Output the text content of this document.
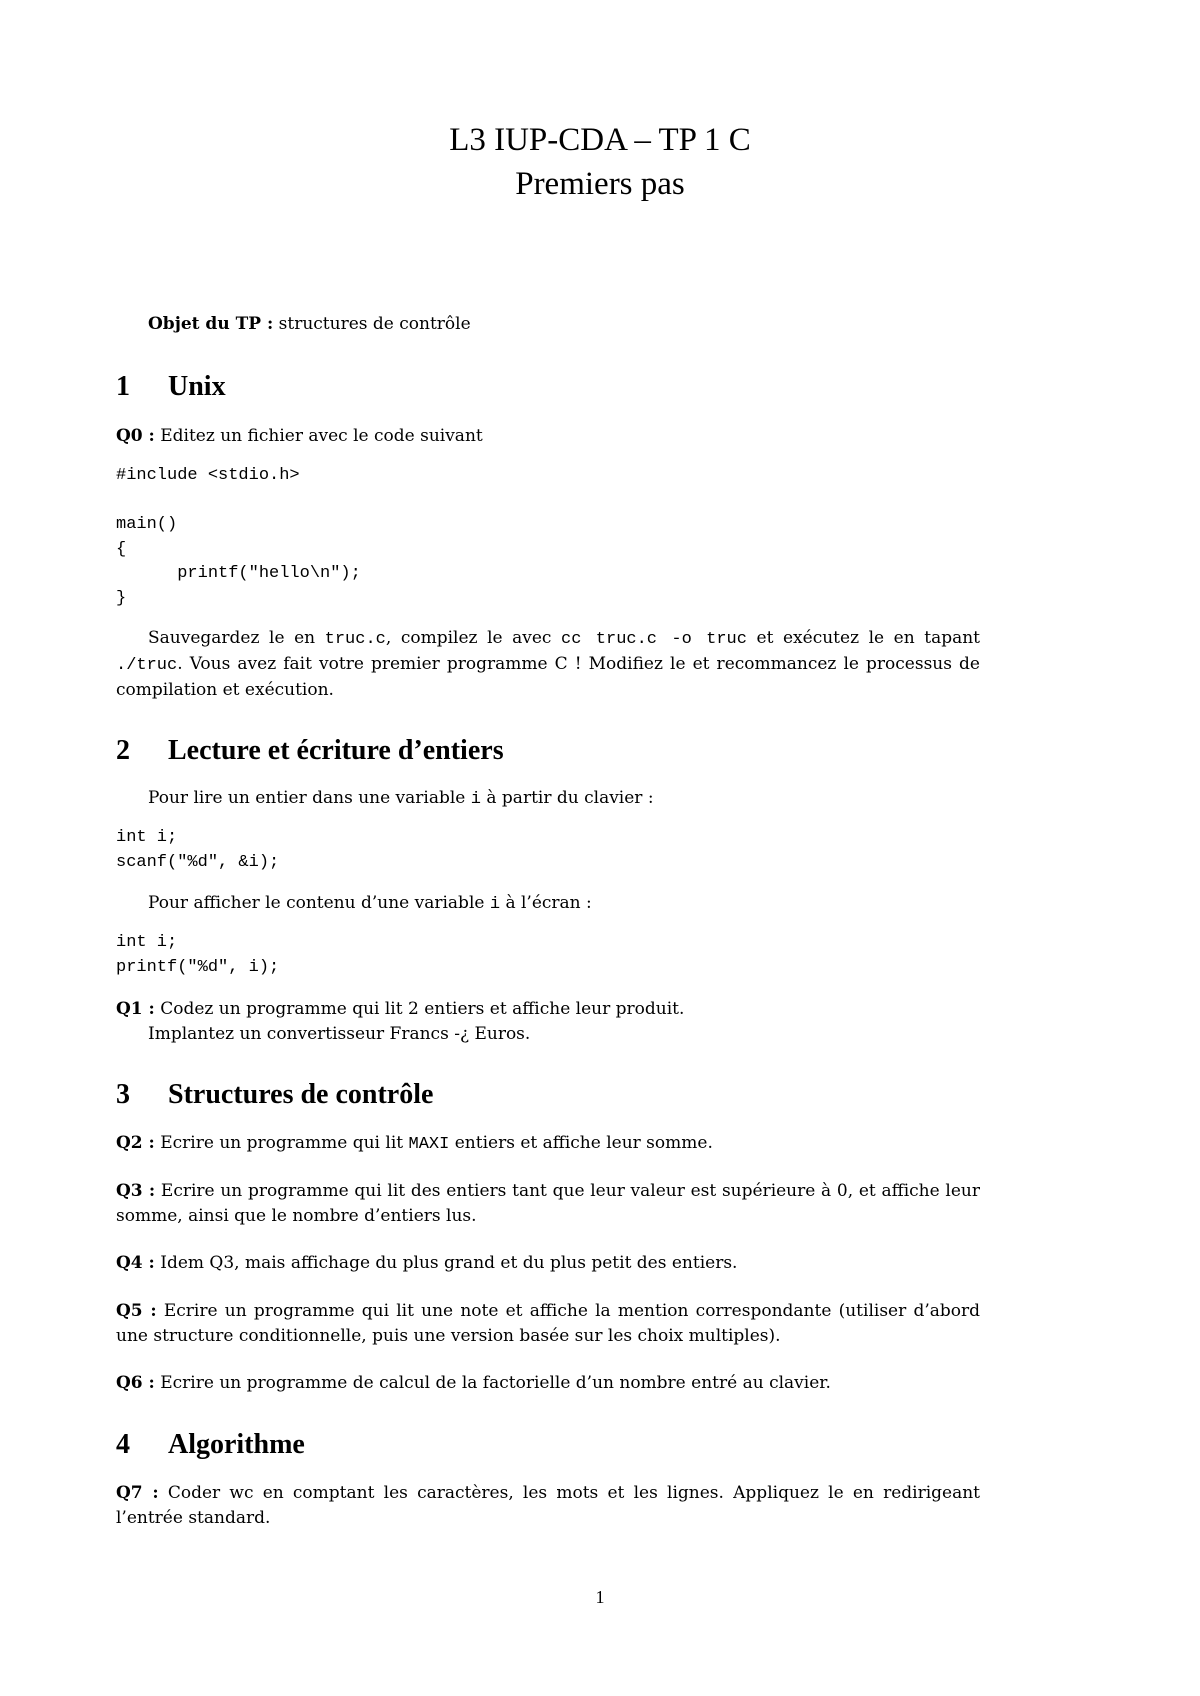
L3 IUP-CDA – TP 1 C
Premiers pas
Objet du TP : structures de contrôle
1 Unix
Q0 : Editez un fichier avec le code suivant
#include <stdio.h>

main()
{
printf("hello\n");
}
Sauvegardez le en truc.c, compilez le avec cc truc.c -o truc et exécutez le en tapant ./truc. Vous avez fait votre premier programme C ! Modifiez le et recommancez le processus de compilation et exécution.
2 Lecture et écriture d’entiers
Pour lire un entier dans une variable i à partir du clavier :
int i;
scanf("%d", &i);
Pour afficher le contenu d’une variable i à l’écran :
int i;
printf("%d", i);
Q1 : Codez un programme qui lit 2 entiers et affiche leur produit.
Implantez un convertisseur Francs -¿ Euros.
3 Structures de contrôle
Q2 : Ecrire un programme qui lit MAXI entiers et affiche leur somme.
Q3 : Ecrire un programme qui lit des entiers tant que leur valeur est supérieure à 0, et affiche leur somme, ainsi que le nombre d’entiers lus.
Q4 : Idem Q3, mais affichage du plus grand et du plus petit des entiers.
Q5 : Ecrire un programme qui lit une note et affiche la mention correspondante (utiliser d’abord une structure conditionnelle, puis une version basée sur les choix multiples).
Q6 : Ecrire un programme de calcul de la factorielle d’un nombre entré au clavier.
4 Algorithme
Q7 : Coder wc en comptant les caractères, les mots et les lignes. Appliquez le en redirigeant l’entrée standard.
1
